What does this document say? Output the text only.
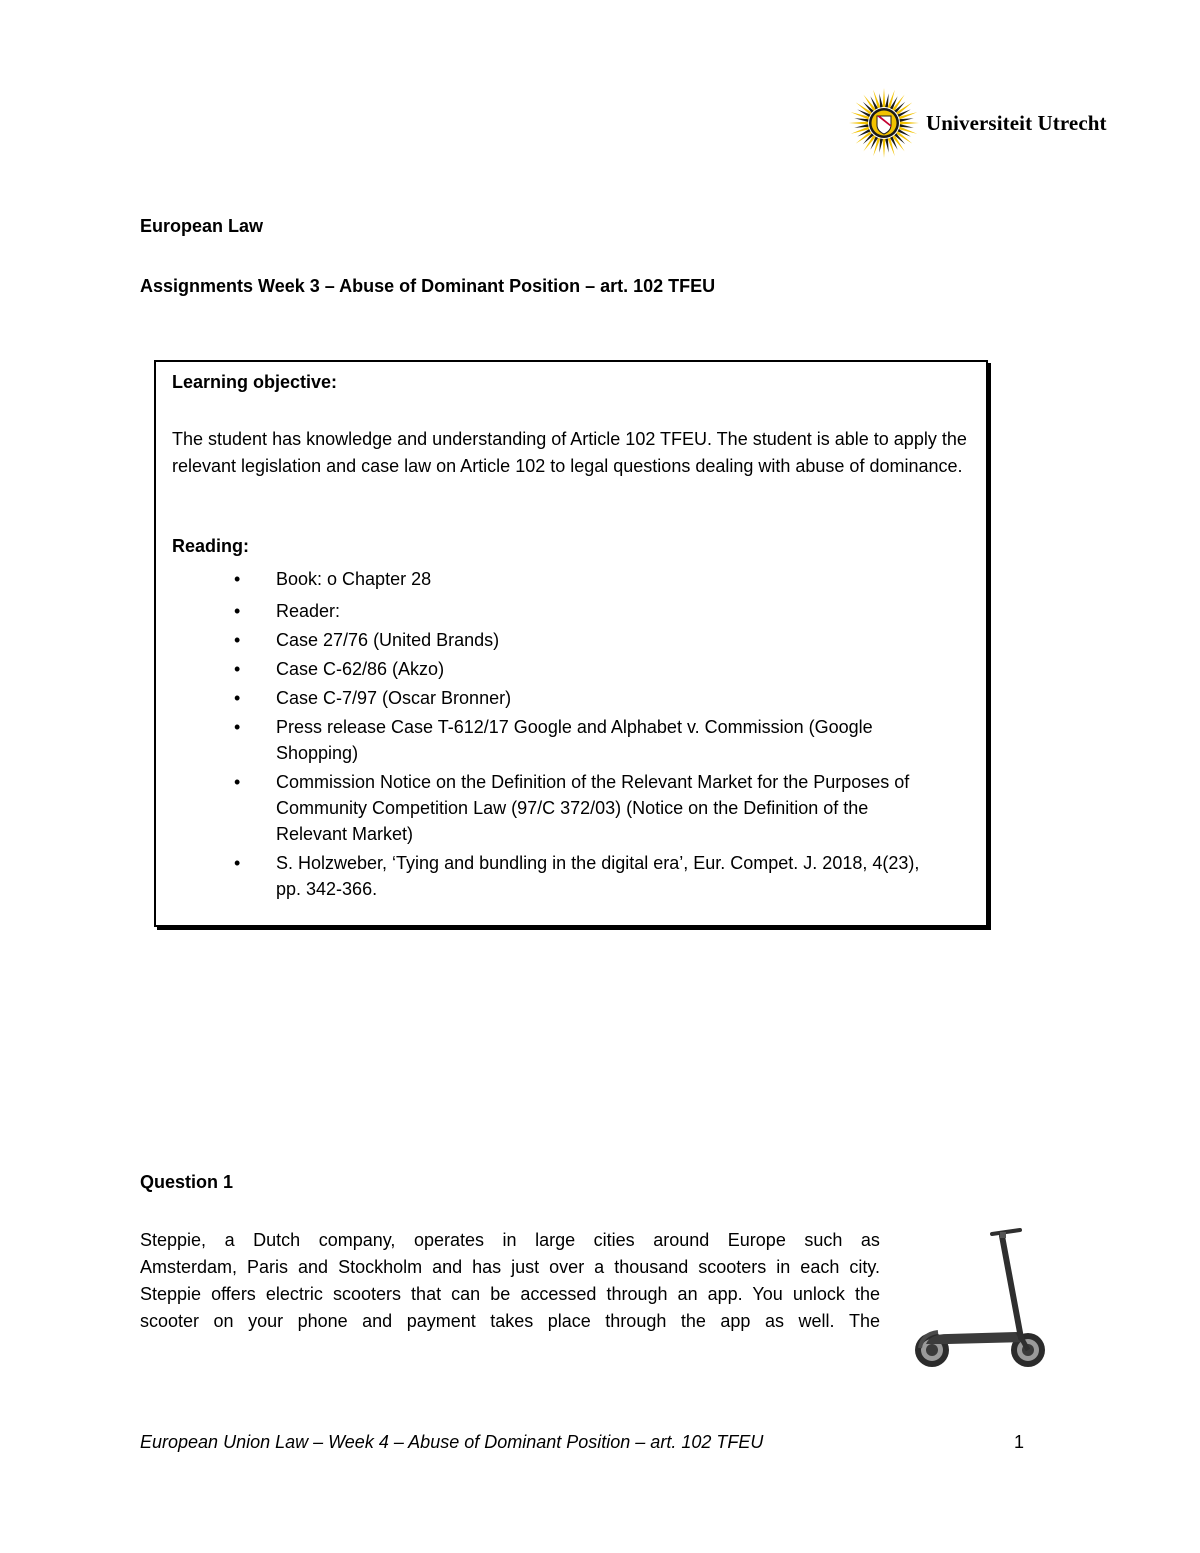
Universiteit Utrecht
European Law
Assignments Week 3 – Abuse of Dominant Position – art. 102 TFEU
Learning objective:
The student has knowledge and understanding of Article 102 TFEU. The student is able to apply the relevant legislation and case law on Article 102 to legal questions dealing with abuse of dominance.
Reading:
• Book: o Chapter 28
• Reader:
• Case 27/76 (United Brands)
• Case C-62/86 (Akzo)
• Case C-7/97 (Oscar Bronner)
• Press release Case T-612/17 Google and Alphabet v. Commission (Google Shopping)
• Commission Notice on the Definition of the Relevant Market for the Purposes of Community Competition Law (97/C 372/03) (Notice on the Definition of the Relevant Market)
• S. Holzweber, ‘Tying and bundling in the digital era’, Eur. Compet. J. 2018, 4(23), pp. 342-366.
Question 1
Steppie, a Dutch company, operates in large cities around Europe such as
Amsterdam, Paris and Stockholm and has just over a thousand scooters in each city.
Steppie offers electric scooters that can be accessed through an app. You unlock the
scooter on your phone and payment takes place through the app as well. The
European Union Law – Week 4 – Abuse of Dominant Position – art. 102 TFEU	1
